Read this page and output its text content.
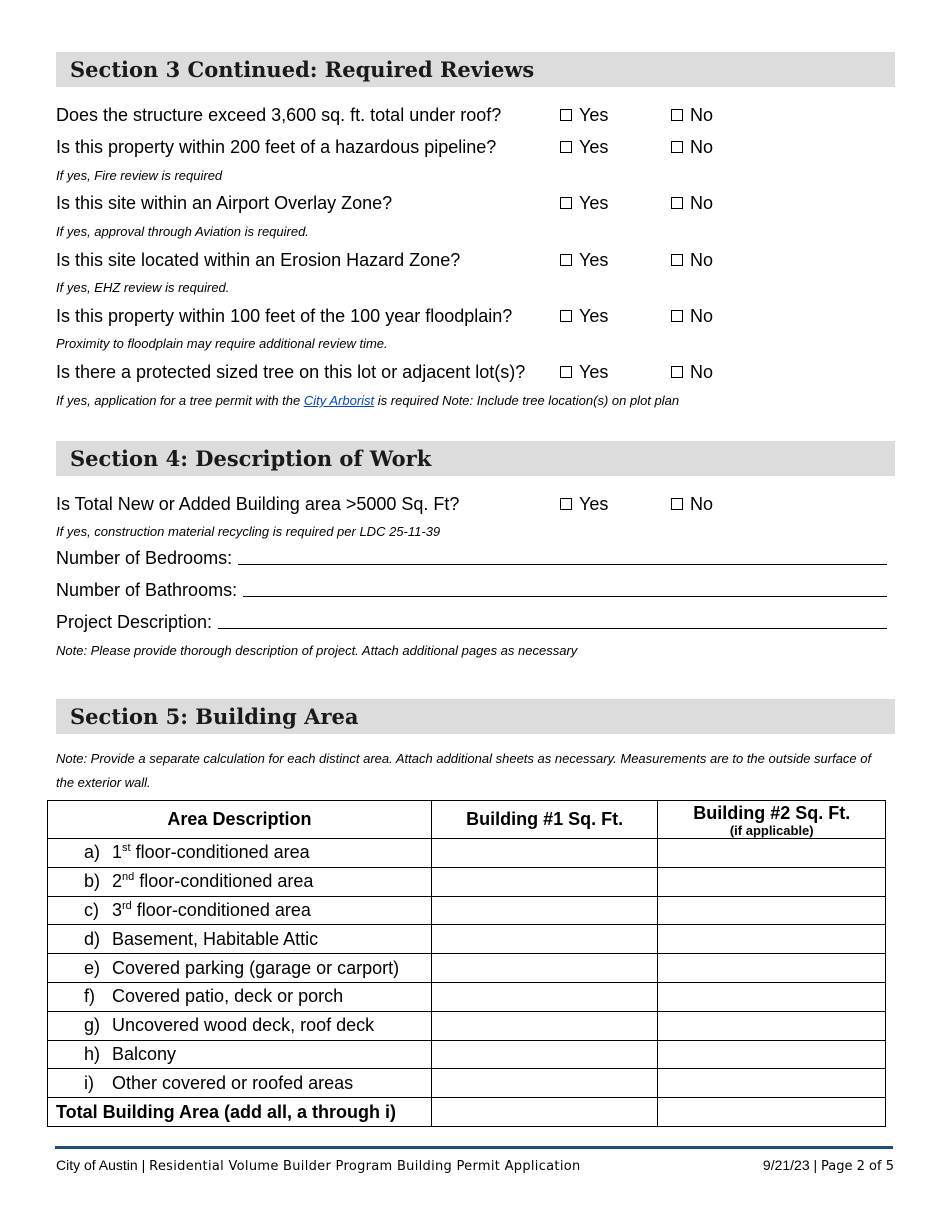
Section 3 Continued: Required Reviews
Does the structure exceed 3,600 sq. ft. total under roof?	Yes	No
Is this property within 200 feet of a hazardous pipeline?	Yes	No
If yes, Fire review is required
Is this site within an Airport Overlay Zone?	Yes	No
If yes, approval through Aviation is required.
Is this site located within an Erosion Hazard Zone?	Yes	No
If yes, EHZ review is required.
Is this property within 100 feet of the 100 year floodplain?	Yes	No
Proximity to floodplain may require additional review time.
Is there a protected sized tree on this lot or adjacent lot(s)?	Yes	No
If yes, application for a tree permit with the City Arborist is required Note: Include tree location(s) on plot plan
Section 4: Description of Work
Is Total New or Added Building area >5000 Sq. Ft?	Yes	No
If yes, construction material recycling is required per LDC 25-11-39
Number of Bedrooms:
Number of Bathrooms:
Project Description:
Note: Please provide thorough description of project. Attach additional pages as necessary
Section 5: Building Area
Note: Provide a separate calculation for each distinct area. Attach additional sheets as necessary. Measurements are to the outside surface of the exterior wall.
Area Description	Building #1 Sq. Ft.	Building #2 Sq. Ft.
(if applicable)

a) 1st floor-conditioned area		
b) 2nd floor-conditioned area		
c) 3rd floor-conditioned area		
d) Basement, Habitable Attic		
e) Covered parking (garage or carport)		
f) Covered patio, deck or porch		
g) Uncovered wood deck, roof deck		
h) Balcony		
i) Other covered or roofed areas		
Total Building Area (add all, a through i)		
City of Austin | Residential Volume Builder Program Building Permit Application	9/21/23 | Page 2 of 5
